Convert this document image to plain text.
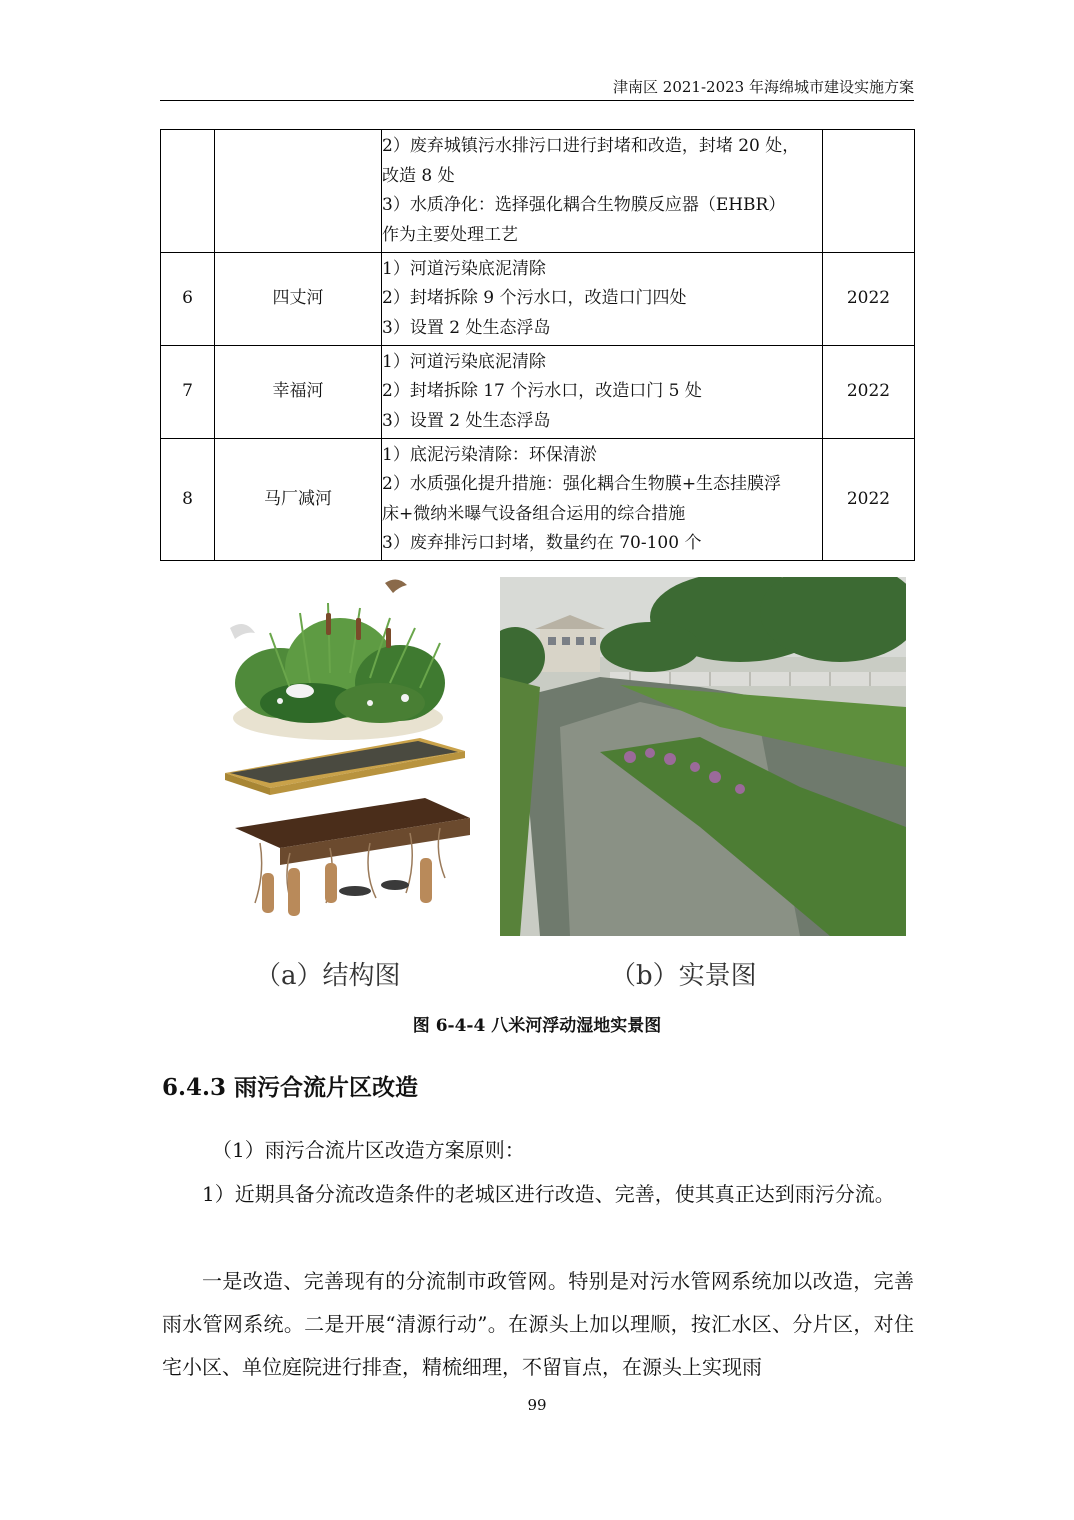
津南区 2021-2023 年海绵城市建设实施方案

		2）废弃城镇污水排污口进行封堵和改造，封堵 20 处，
改造 8 处
3）水质净化：选择强化耦合生物膜反应器（EHBR）
作为主要处理工艺	

6	四丈河	1）河道污染底泥清除
2）封堵拆除 9 个污水口，改造口门四处
3）设置 2 处生态浮岛	2022
7	幸福河	1）河道污染底泥清除
2）封堵拆除 17 个污水口，改造口门 5 处
3）设置 2 处生态浮岛	2022
8	马厂减河	1）底泥污染清除：环保清淤
2）水质强化提升措施：强化耦合生物膜+生态挂膜浮
床+微纳米曝气设备组合运用的综合措施
3）废弃排污口封堵，数量约在 70-100 个	2022
（a）结构图	（b）实景图
图 6-4-4 八米河浮动湿地实景图
6.4.3 雨污合流片区改造
（1）雨污合流片区改造方案原则：
1）近期具备分流改造条件的老城区进行改造、完善，使其真正达到雨污分流。
一是改造、完善现有的分流制市政管网。特别是对污水管网系统加以改造，完善雨水管网系统。二是开展“清源行动”。在源头上加以理顺，按汇水区、分片区，对住宅小区、单位庭院进行排查，精梳细理，不留盲点，在源头上实现雨
99
